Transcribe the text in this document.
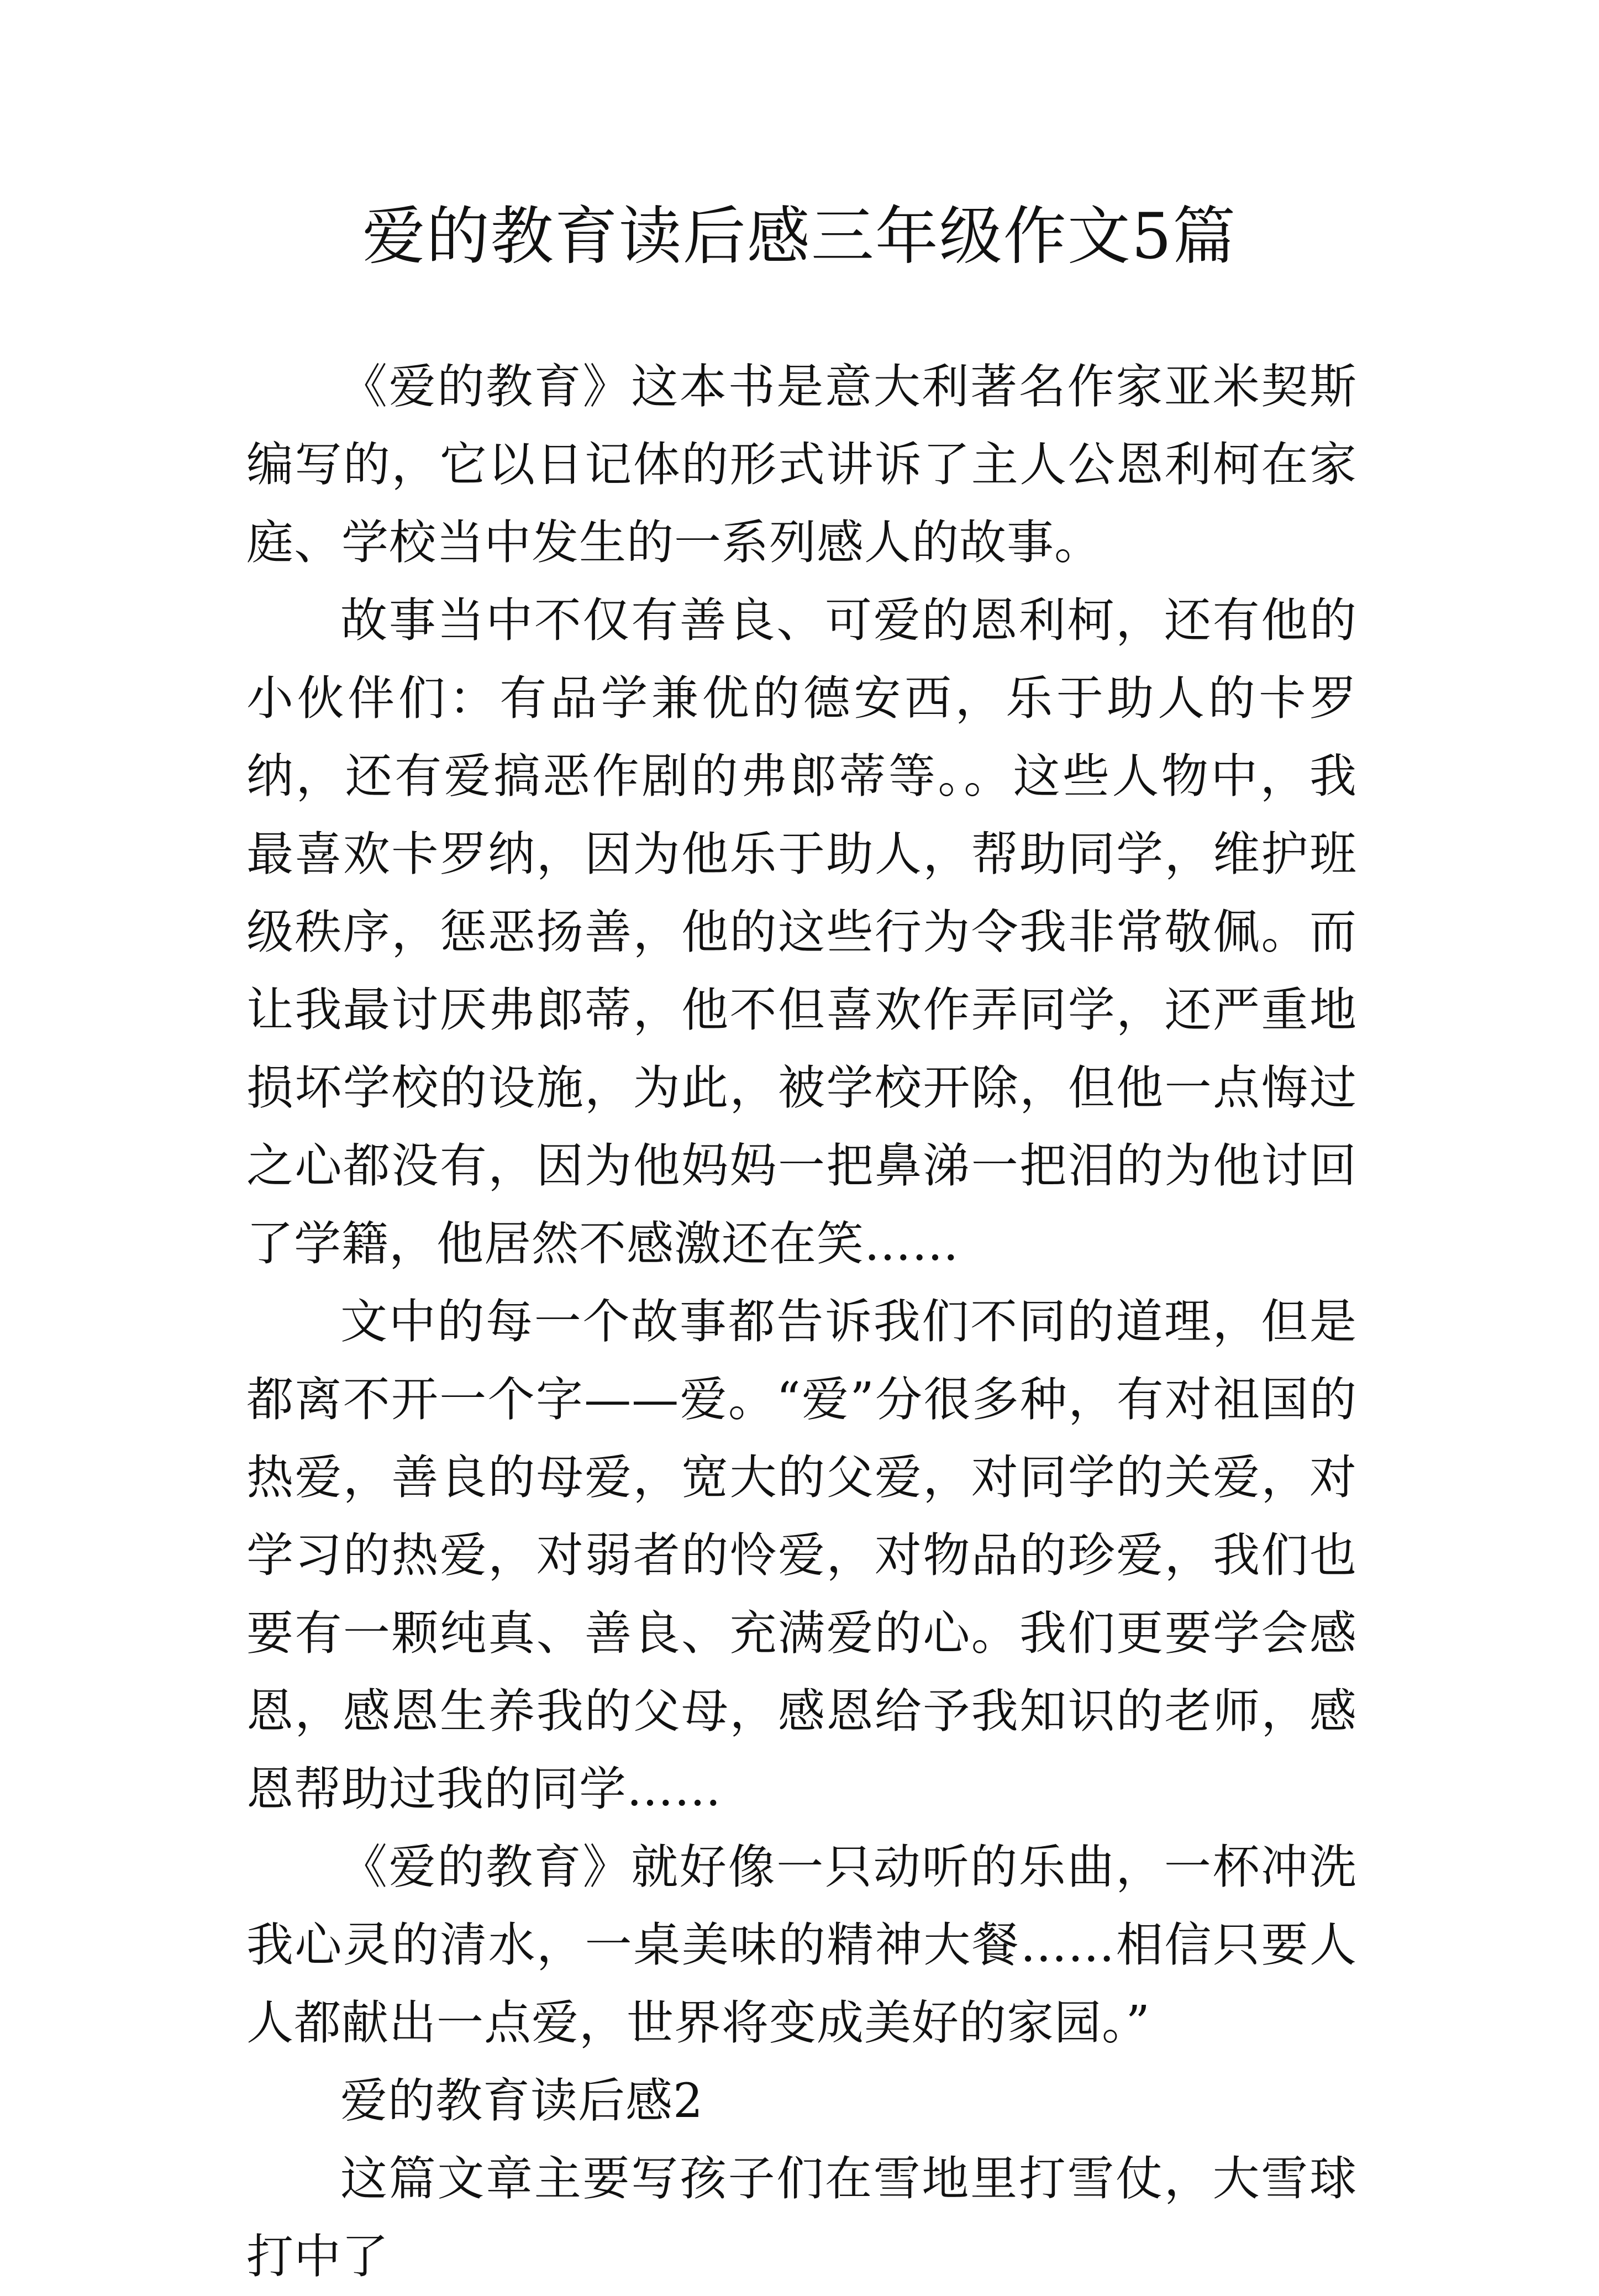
爱的教育读后感三年级作文5篇

《爱的教育》这本书是意大利著名作家亚米契斯编写的，它以日记体的形式讲诉了主人公恩利柯在家庭、学校当中发生的一系列感人的故事。

故事当中不仅有善良、可爱的恩利柯，还有他的小伙伴们：有品学兼优的德安西，乐于助人的卡罗纳，还有爱搞恶作剧的弗郎蒂等。。这些人物中，我最喜欢卡罗纳，因为他乐于助人，帮助同学，维护班级秩序，惩恶扬善，他的这些行为令我非常敬佩。而让我最讨厌弗郎蒂，他不但喜欢作弄同学，还严重地损坏学校的设施，为此，被学校开除，但他一点悔过之心都没有，因为他妈妈一把鼻涕一把泪的为他讨回了学籍，他居然不感激还在笑……

文中的每一个故事都告诉我们不同的道理，但是都离不开一个字——爱。“爱”分很多种，有对祖国的热爱，善良的母爱，宽大的父爱，对同学的关爱，对学习的热爱，对弱者的怜爱，对物品的珍爱，我们也要有一颗纯真、善良、充满爱的心。我们更要学会感恩，感恩生养我的父母，感恩给予我知识的老师，感恩帮助过我的同学……

《爱的教育》就好像一只动听的乐曲，一杯冲洗我心灵的清水，一桌美味的精神大餐……相信只要人人都献出一点爱，世界将变成美好的家园。”

爱的教育读后感2

这篇文章主要写孩子们在雪地里打雪仗，大雪球打中了
